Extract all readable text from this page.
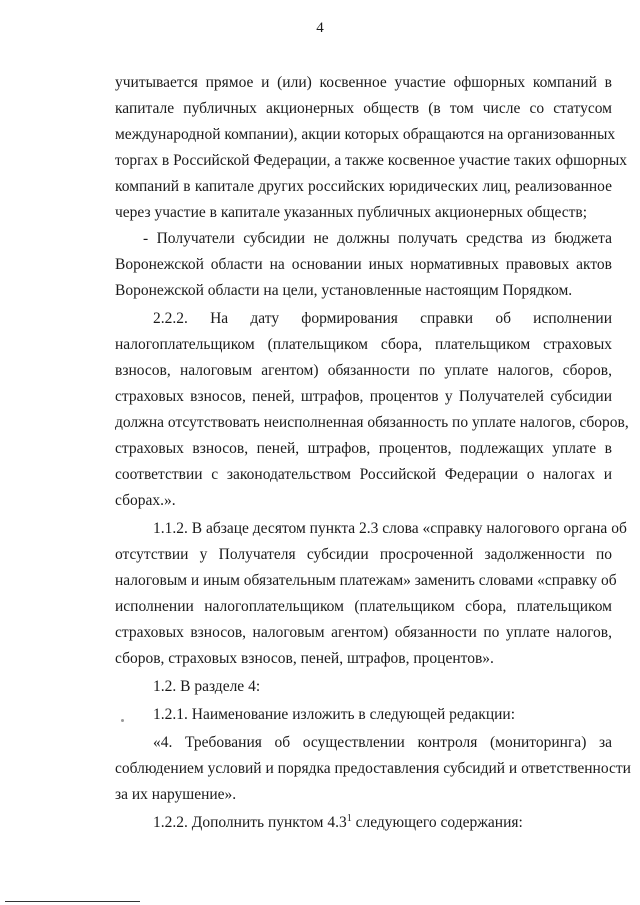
4
учитывается прямое и (или) косвенное участие офшорных компаний в
капитале публичных акционерных обществ (в том числе со статусом
международной компании), акции которых обращаются на организованных
торгах в Российской Федерации, а также косвенное участие таких офшорных
компаний в капитале других российских юридических лиц, реализованное
через участие в капитале указанных публичных акционерных обществ;
- Получатели субсидии не должны получать средства из бюджета
Воронежской области на основании иных нормативных правовых актов
Воронежской области на цели, установленные настоящим Порядком.
2.2.2. На дату формирования справки об исполнении
налогоплательщиком (плательщиком сбора, плательщиком страховых
взносов, налоговым агентом) обязанности по уплате налогов, сборов,
страховых взносов, пеней, штрафов, процентов у Получателей субсидии
должна отсутствовать неисполненная обязанность по уплате налогов, сборов,
страховых взносов, пеней, штрафов, процентов, подлежащих уплате в
соответствии с законодательством Российской Федерации о налогах и
сборах.».
1.1.2. В абзаце десятом пункта 2.3 слова «справку налогового органа об
отсутствии у Получателя субсидии просроченной задолженности по
налоговым и иным обязательным платежам» заменить словами «справку об
исполнении налогоплательщиком (плательщиком сбора, плательщиком
страховых взносов, налоговым агентом) обязанности по уплате налогов,
сборов, страховых взносов, пеней, штрафов, процентов».
1.2. В разделе 4:
1.2.1. Наименование изложить в следующей редакции:
«4. Требования об осуществлении контроля (мониторинга) за
соблюдением условий и порядка предоставления субсидий и ответственности
за их нарушение».
1.2.2. Дополнить пунктом $4.3^1$ следующего содержания:
